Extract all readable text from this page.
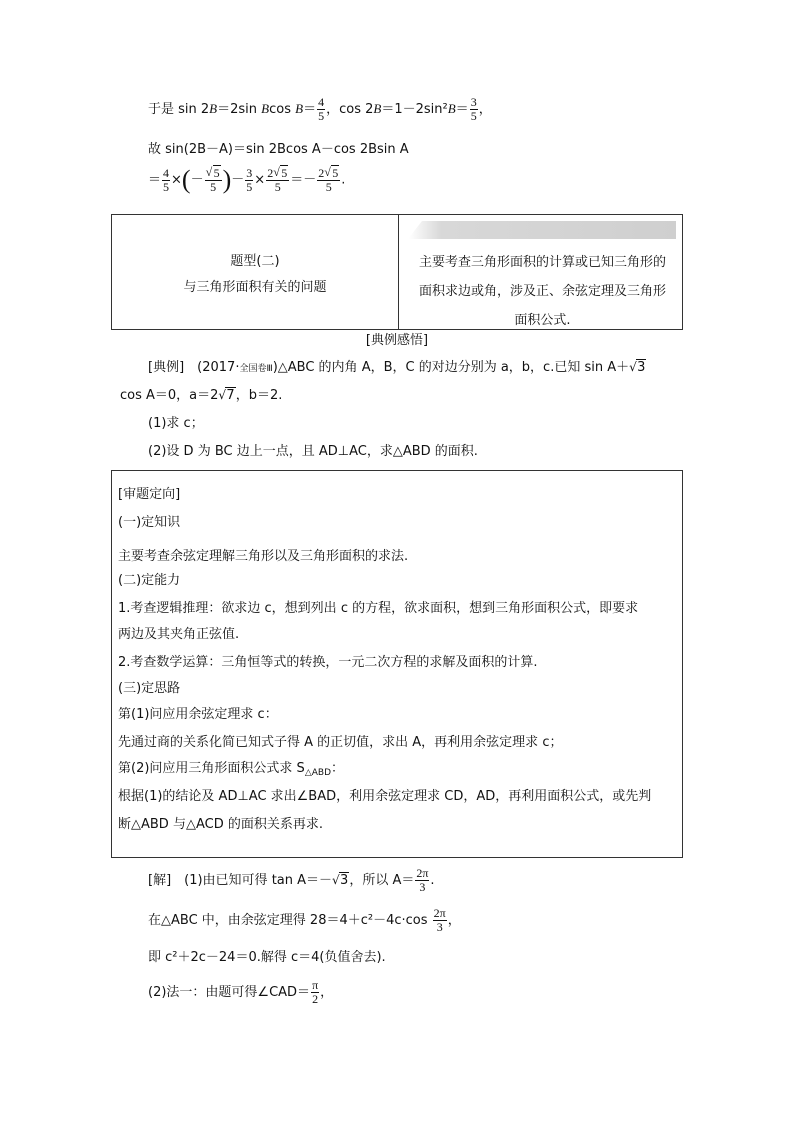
于是 sin 2B＝2sin Bcos $B= \frac{4}{5}$ ，$\cos 2B=1-2\sin^2B= \frac{3}{5}$ ，
故 sin(2B－A)＝sin 2Bcos A－cos 2Bsin A
＝ $\frac{4}{5}$ ×(－ √ $\frac{5}{5}$ )－ $\frac{3}{5} \times \frac{2 √ 5}{5} =- \frac{2 √ 5}{5}$ .
题型(二)
与三角形面积有关的问题
主要考查三角形面积的计算或已知三角形的
面积求边或角，涉及正、余弦定理及三角形
面积公式.
[典例感悟]
[典例]　 (2017·全国卷Ⅲ)△ABC 的内角 A，B，C 的对边分别为 a，b，c.已知 sin A＋ √ 3
cos A＝0，a＝2 √ 7，b＝2.
(1)求 c；
(2)设 D 为 BC 边上一点，且 AD⊥AC，求△ABD 的面积.
[审题定向]
(一)定知识
主要考查余弦定理解三角形以及三角形面积的求法.
(二)定能力
1.考查逻辑推理：欲求边 c，想到列出 c 的方程，欲求面积，想到三角形面积公式，即要求
两边及其夹角正弦值.
2.考查数学运算：三角恒等式的转换，一元二次方程的求解及面积的计算.
(三)定思路
第(1)问应用余弦定理求 c：
先通过商的关系化简已知式子得 A 的正切值，求出 A，再利用余弦定理求 c；
第(2)问应用三角形面积公式求 $S_{\triangle ABD}$：
根据(1)的结论及 AD⊥AC 求出∠BAD，利用余弦定理求 CD，AD，再利用面积公式，或先判
断△ABD 与△ACD 的面积关系再求.
[解]　(1)由已知可得 tan A＝－ √ 3，所以 $A= \frac{2\pi}{3}$ .
在△ABC 中，由余弦定理得 $28=4+c^2-4c\cdot\cos \frac{2\pi}{3}$ ，
即 c²＋2c－24＝0.解得 c＝4(负值舍去).
(2)法一：由题可得∠CAD＝ $\frac{\pi}{2}$ ，
